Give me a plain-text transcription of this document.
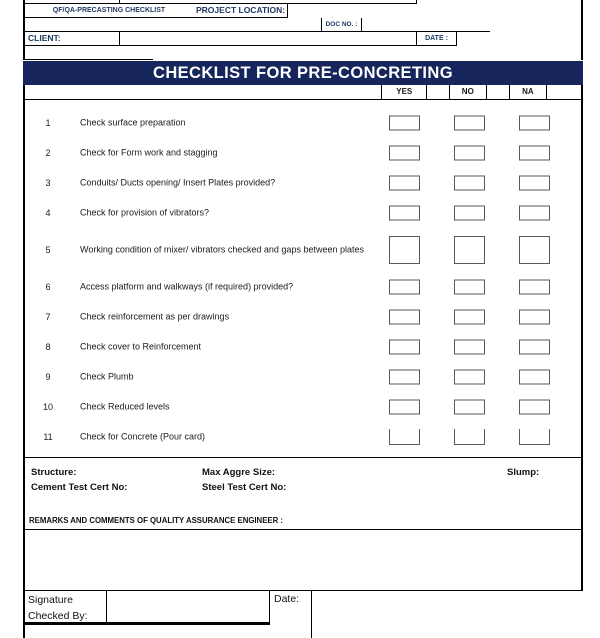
QF/QA-PRECASTING CHECKLIST	PROJECT LOCATION:
DOC NO. :
CLIENT:	DATE :
CHECKLIST FOR PRE-CONCRETING
YES	NO	NA
1	Check surface preparation
2	Check for Form work and stagging
3	Conduits/ Ducts opening/ Insert Plates provided?
4	Check for provision of vibrators?
5	Working condition of mixer/ vibrators checked and gaps between plates
6	Access platform and walkways (if required) provided?
7	Check reinforcement as per drawings
8	Check cover to Reinforcement
9	Check Plumb
10	Check Reduced levels
11	Check for Concrete (Pour card)
Structure:	Max Aggre Size:	Slump:
Cement Test Cert No:	Steel Test Cert No:
REMARKS AND COMMENTS OF QUALITY ASSURANCE ENGINEER :
Signature
Checked By:
Date:
